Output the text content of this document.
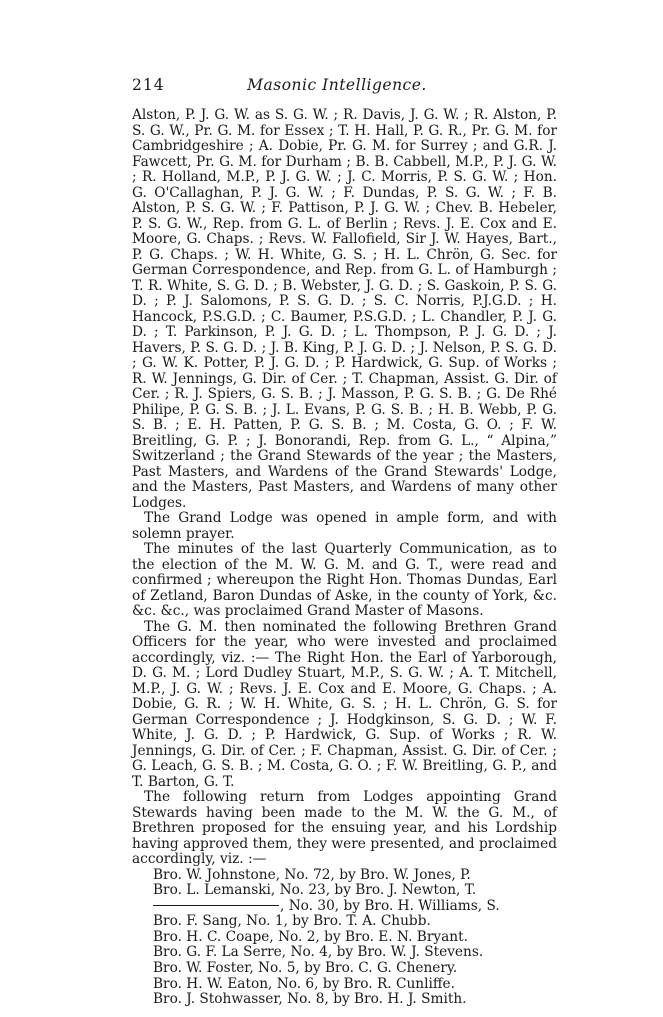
214	Masonic Intelligence.

Alston, P. J. G. W. as S. G. W. ; R. Davis, J. G. W. ; R. Alston, P. S. G. W., Pr. G. M. for Essex ; T. H. Hall, P. G. R., Pr. G. M. for Cambridgeshire ; A. Dobie, Pr. G. M. for Surrey ; and G.R. J. Fawcett, Pr. G. M. for Durham ; B. B. Cabbell, M.P., P. J. G. W. ; R. Holland, M.P., P. J. G. W. ; J. C. Morris, P. S. G. W. ; Hon. G. O'Callaghan, P. J. G. W. ; F. Dundas, P. S. G. W. ; F. B. Alston, P. S. G. W. ; F. Pattison, P. J. G. W. ; Chev. B. Hebeler, P. S. G. W., Rep. from G. L. of Berlin ; Revs. J. E. Cox and E. Moore, G. Chaps. ; Revs. W. Fallofield, Sir J. W. Hayes, Bart., P. G. Chaps. ; W. H. White, G. S. ; H. L. Chrön, G. Sec. for German Correspondence, and Rep. from G. L. of Hamburgh ; T. R. White, S. G. D. ; B. Webster, J. G. D. ; S. Gaskoin, P. S. G. D. ; P. J. Salomons, P. S. G. D. ; S. C. Norris, P.J.G.D. ; H. Hancock, P.S.G.D. ; C. Baumer, P.S.G.D. ; L. Chandler, P. J. G. D. ; T. Parkinson, P. J. G. D. ; L. Thompson, P. J. G. D. ; J. Havers, P. S. G. D. ; J. B. King, P. J. G. D. ; J. Nelson, P. S. G. D. ; G. W. K. Potter, P. J. G. D. ; P. Hardwick, G. Sup. of Works ; R. W. Jennings, G. Dir. of Cer. ; T. Chapman, Assist. G. Dir. of Cer. ; R. J. Spiers, G. S. B. ; J. Masson, P. G. S. B. ; G. De Rhé Philipe, P. G. S. B. ; J. L. Evans, P. G. S. B. ; H. B. Webb, P. G. S. B. ; E. H. Patten, P. G. S. B. ; M. Costa, G. O. ; F. W. Breitling, G. P. ; J. Bonorandi, Rep. from G. L., “ Alpina,” Switzerland ; the Grand Stewards of the year ; the Masters, Past Masters, and Wardens of the Grand Stewards' Lodge, and the Masters, Past Masters, and Wardens of many other Lodges.

The Grand Lodge was opened in ample form, and with solemn prayer.

The minutes of the last Quarterly Communication, as to the election of the M. W. G. M. and G. T., were read and confirmed ; whereupon the Right Hon. Thomas Dundas, Earl of Zetland, Baron Dundas of Aske, in the county of York, &c. &c. &c., was proclaimed Grand Master of Masons.

The G. M. then nominated the following Brethren Grand Officers for the year, who were invested and proclaimed accordingly, viz. :— The Right Hon. the Earl of Yarborough, D. G. M. ; Lord Dudley Stuart, M.P., S. G. W. ; A. T. Mitchell, M.P., J. G. W. ; Revs. J. E. Cox and E. Moore, G. Chaps. ; A. Dobie, G. R. ; W. H. White, G. S. ; H. L. Chrön, G. S. for German Correspondence ; J. Hodgkinson, S. G. D. ; W. F. White, J. G. D. ; P. Hardwick, G. Sup. of Works ; R. W. Jennings, G. Dir. of Cer. ; F. Chapman, Assist. G. Dir. of Cer. ; G. Leach, G. S. B. ; M. Costa, G. O. ; F. W. Breitling, G. P., and T. Barton, G. T.

The following return from Lodges appointing Grand Stewards having been made to the M. W. the G. M., of Brethren proposed for the ensuing year, and his Lordship having approved them, they were presented, and proclaimed accordingly, viz. :—

Bro. W. Johnstone, No. 72, by Bro. W. Jones, P.
Bro. L. Lemanski, No. 23, by Bro. J. Newton, T.
, No. 30, by Bro. H. Williams, S.
Bro. F. Sang, No. 1, by Bro. T. A. Chubb.
Bro. H. C. Coape, No. 2, by Bro. E. N. Bryant.
Bro. G. F. La Serre, No. 4, by Bro. W. J. Stevens.
Bro. W. Foster, No. 5, by Bro. C. G. Chenery.
Bro. H. W. Eaton, No. 6, by Bro. R. Cunliffe.
Bro. J. Stohwasser, No. 8, by Bro. H. J. Smith.
